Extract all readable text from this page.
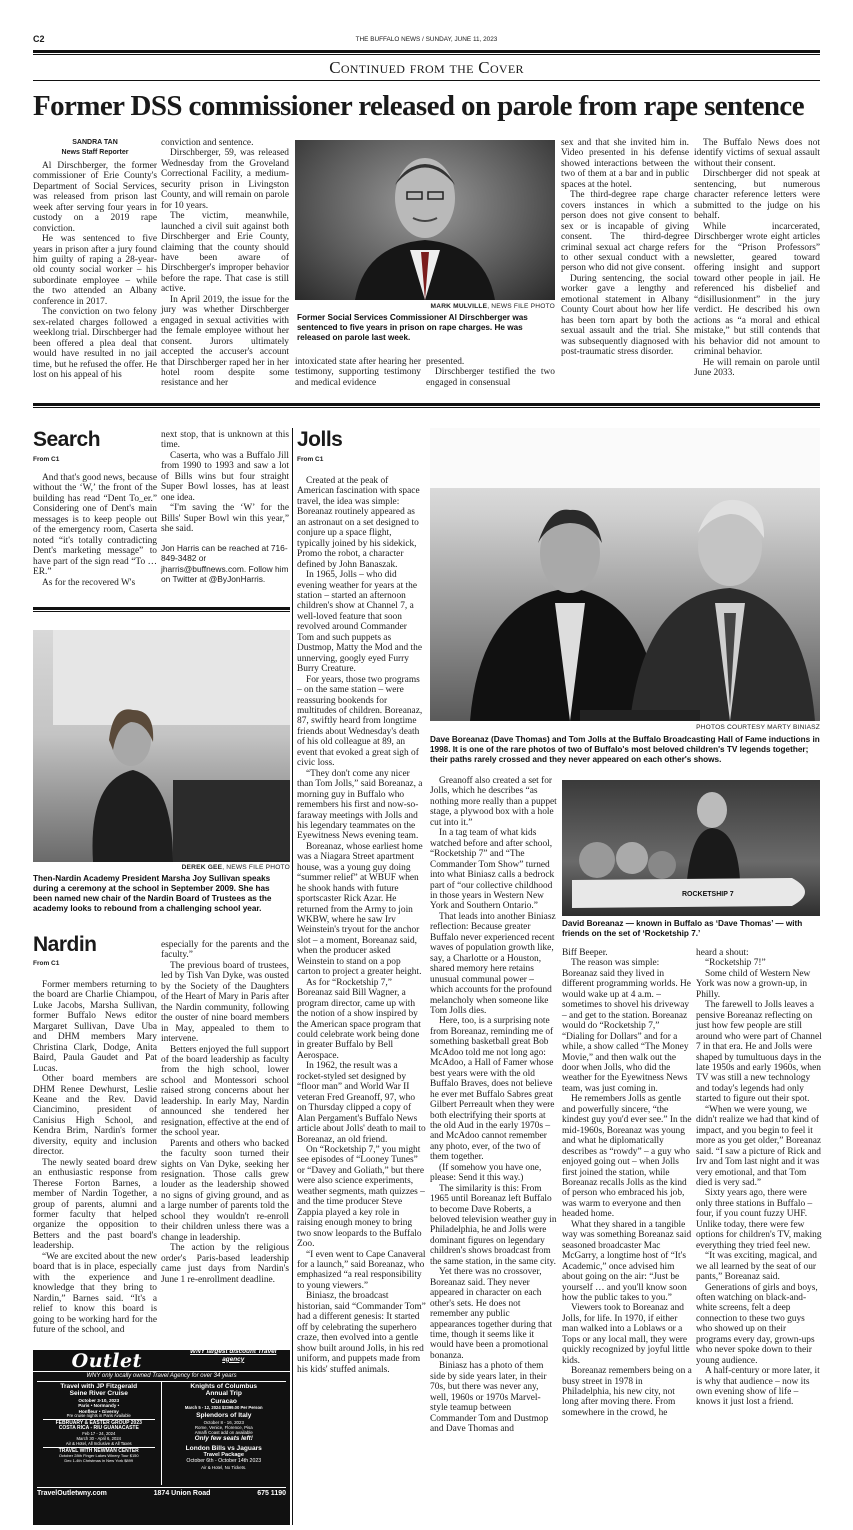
C2	THE BUFFALO NEWS / SUNDAY, JUNE 11, 2023
Continued from the Cover
Former DSS commissioner released on parole from rape sentence
SANDRA TAN
News Staff Reporter

Al Dirschberger, the former commissioner of Erie County's Department of Social Services, was released from prison last week after serving four years in custody on a 2019 rape conviction.

He was sentenced to five years in prison after a jury found him guilty of raping a 28-year-old county social worker – his subordinate employee – while the two attended an Albany conference in 2017.

The conviction on two felony sex-related charges followed a weeklong trial. Dirschberger had been offered a plea deal that would have resulted in no jail time, but he refused the offer. He lost on his appeal of his

conviction and sentence.

Dirschberger, 59, was released Wednesday from the Groveland Correctional Facility, a medium-security prison in Livingston County, and will remain on parole for 10 years.

The victim, meanwhile, launched a civil suit against both Dirschberger and Erie County, claiming that the county should have been aware of Dirschberger's improper behavior before the rape. That case is still active.

In April 2019, the issue for the jury was whether Dirschberger engaged in sexual activities with the female employee without her consent. Jurors ultimately accepted the accuser's account that Dirschberger raped her in her hotel room despite some resistance and her

MARK MULVILLE, NEWS FILE PHOTO
Former Social Services Commissioner Al Dirschberger was sentenced to five years in prison on rape charges. He was released on parole last week.

intoxicated state after hearing her testimony, supporting testimony and medical evidence

presented.

Dirschberger testified the two engaged in consensual

sex and that she invited him in. Video presented in his defense showed interactions between the two of them at a bar and in public spaces at the hotel.

The third-degree rape charge covers instances in which a person does not give consent to sex or is incapable of giving consent. The third-degree criminal sexual act charge refers to other sexual conduct with a person who did not give consent.

During sentencing, the social worker gave a lengthy and emotional statement in Albany County Court about how her life has been torn apart by both the sexual assault and the trial. She was subsequently diagnosed with post-traumatic stress disorder.

The Buffalo News does not identify victims of sexual assault without their consent.

Dirschberger did not speak at sentencing, but numerous character reference letters were submitted to the judge on his behalf.

While incarcerated, Dirschberger wrote eight articles for the “Prison Professors” newsletter, geared toward offering insight and support toward other people in jail. He referenced his disbelief and “disillusionment” in the jury verdict. He described his own actions as “a moral and ethical mistake,” but still contends that his behavior did not amount to criminal behavior.

He will remain on parole until June 2033.

Search
From C1

And that's good news, because without the ‘W,’ the front of the building has read “Dent To_er.” Considering one of Dent's main messages is to keep people out of the emergency room, Caserta noted “it's totally contradicting Dent's marketing message” to have part of the sign read “To … ER.”

As for the recovered W's

next stop, that is unknown at this time.

Caserta, who was a Buffalo Jill from 1990 to 1993 and saw a lot of Bills wins but four straight Super Bowl losses, has at least one idea.

“I'm saving the ‘W’ for the Bills' Super Bowl win this year,” she said.

Jon Harris can be reached at 716-849-3482 or jharris@buffnews.com. Follow him on Twitter at @ByJonHarris.
DEREK GEE, NEWS FILE PHOTO
Then-Nardin Academy President Marsha Joy Sullivan speaks during a ceremony at the school in September 2009. She has been named new chair of the Nardin Board of Trustees as the academy looks to rebound from a challenging school year.
Nardin
From C1

Former members returning to the board are Charlie Chiampou, Luke Jacobs, Marsha Sullivan, former Buffalo News editor Margaret Sullivan, Dave Uba and DHM members Mary Christina Clark, Dodge, Anita Baird, Paula Gaudet and Pat Lucas.

Other board members are DHM Renee Dewhurst, Leslie Keane and the Rev. David Ciancimino, president of Canisius High School, and Kendra Brim, Nardin's former diversity, equity and inclusion director.

The newly seated board drew an enthusiastic response from Therese Forton Barnes, a member of Nardin Together, a group of parents, alumni and former faculty that helped organize the opposition to Betters and the past board's leadership.

“We are excited about the new board that is in place, especially with the experience and knowledge that they bring to Nardin,” Barnes said. “It's a relief to know this board is going to be working hard for the future of the school, and

especially for the parents and the faculty.”

The previous board of trustees, led by Tish Van Dyke, was ousted by the Society of the Daughters of the Heart of Mary in Paris after the Nardin community, following the ouster of nine board members in May, appealed to them to intervene.

Betters enjoyed the full support of the board leadership as faculty from the high school, lower school and Montessori school raised strong concerns about her leadership. In early May, Nardin announced she tendered her resignation, effective at the end of the school year.

Parents and others who backed the faculty soon turned their sights on Van Dyke, seeking her resignation. Those calls grew louder as the leadership showed no signs of giving ground, and as a large number of parents told the school they wouldn't re-enroll their children unless there was a change in leadership.

The action by the religious order's Paris-based leadership came just days from Nardin's June 1 re-enrollment deadline.

Travel Outlet	WNY largest discount Travel agency
WNY only locally owned Travel Agency for over 34 years
Travel with JP Fitzgerald
Seine River Cruise
October 3-10, 2023
Paris • Normandy •
Honfleur • Giverny
Pre cruise nights in Paris Available
FEBRUARY & EASTER GROUP 2023
COSTA RICA - RIU GUANACASTE
Feb 17 - 24, 2024
March 30 - April 6, 2024
Air & Hotel, All Inclusive & All Taxes
TRAVEL WITH NEWMAN CENTER
October 28th Finger Lakes Winery Tour $150
Dec 1-4th Christmas in New York $899
Knights of Columbus
Annual Trip
Curacao
March 5 - 12, 2024 $2399.00 Per Person
Splendors of Italy
October 8 - 16, 2023
Rome, Venice, Florence, Pisa
Amalfi Coast add on available
Only few seats left!
London Bills vs Jaguars
Travel Package
October 6th - October 14th 2023
Air & Hotel, No Tickets.
TravelOutletwny.com	1874 Union Road	675 1190
Jolls
From C1

Created at the peak of American fascination with space travel, the idea was simple: Boreanaz routinely appeared as an astronaut on a set designed to conjure up a space flight, typically joined by his sidekick, Promo the robot, a character defined by John Banaszak.

In 1965, Jolls – who did evening weather for years at the station – started an afternoon children's show at Channel 7, a well-loved feature that soon revolved around Commander Tom and such puppets as Dustmop, Matty the Mod and the unnerving, googly eyed Furry Burry Creature.

For years, those two programs – on the same station – were reassuring bookends for multitudes of children. Boreanaz, 87, swiftly heard from longtime friends about Wednesday's death of his old colleague at 89, an event that evoked a great sigh of civic loss.

“They don't come any nicer than Tom Jolls,” said Boreanaz, a morning guy in Buffalo who remembers his first and now-so-faraway meetings with Jolls and his legendary teammates on the Eyewitness News evening team.

Boreanaz, whose earliest home was a Niagara Street apartment house, was a young guy doing “summer relief” at WBUF when he shook hands with future sportscaster Rick Azar. He returned from the Army to join WKBW, where he saw Irv Weinstein's tryout for the anchor slot – a moment, Boreanaz said, when the producer asked Weinstein to stand on a pop carton to project a greater height.

As for “Rocketship 7,” Boreanaz said Bill Wagner, a program director, came up with the notion of a show inspired by the American space program that could celebrate work being done in greater Buffalo by Bell Aerospace.

In 1962, the result was a rocket-styled set designed by “floor man” and World War II veteran Fred Greanoff, 97, who on Thursday clipped a copy of Alan Pergament's Buffalo News article about Jolls' death to mail to Boreanaz, an old friend.

On “Rocketship 7,” you might see episodes of “Looney Tunes” or “Davey and Goliath,” but there were also science experiments, weather segments, math quizzes – and the time producer Steve Zappia played a key role in raising enough money to bring two snow leopards to the Buffalo Zoo.

“I even went to Cape Canaveral for a launch,” said Boreanaz, who emphasized “a real responsibility to young viewers.”

Biniasz, the broadcast historian, said “Commander Tom” had a different genesis: It started off by celebrating the superhero craze, then evolved into a gentle show built around Jolls, in his red uniform, and puppets made from his kids' stuffed animals.

PHOTOS COURTESY MARTY BINIASZ
Dave Boreanaz (Dave Thomas) and Tom Jolls at the Buffalo Broadcasting Hall of Fame inductions in 1998. It is one of the rare photos of two of Buffalo's most beloved children's TV legends together; their paths rarely crossed and they never appeared on each other's shows.

Greanoff also created a set for Jolls, which he describes “as nothing more really than a puppet stage, a plywood box with a hole cut into it.”

In a tag team of what kids watched before and after school, “Rocketship 7” and “The Commander Tom Show” turned into what Biniasz calls a bedrock part of “our collective childhood in those years in Western New York and Southern Ontario.”

That leads into another Biniasz reflection: Because greater Buffalo never experienced recent waves of population growth like, say, a Charlotte or a Houston, shared memory here retains unusual communal power – which accounts for the profound melancholy when someone like Tom Jolls dies.

Here, too, is a surprising note from Boreanaz, reminding me of something basketball great Bob McAdoo told me not long ago: McAdoo, a Hall of Famer whose best years were with the old Buffalo Braves, does not believe he ever met Buffalo Sabres great Gilbert Perreault when they were both electrifying their sports at the old Aud in the early 1970s – and McAdoo cannot remember any photo, ever, of the two of them together.

(If somehow you have one, please: Send it this way.)

The similarity is this: From 1965 until Boreanaz left Buffalo to become Dave Roberts, a beloved television weather guy in Philadelphia, he and Jolls were dominant figures on legendary children's shows broadcast from the same station, in the same city.

Yet there was no crossover, Boreanaz said. They never appeared in character on each other's sets. He does not remember any public appearances together during that time, though it seems like it would have been a promotional bonanza.

Biniasz has a photo of them side by side years later, in their 70s, but there was never any, well, 1960s or 1970s Marvel-style teamup between Commander Tom and Dustmop and Dave Thomas and

ROCKETSHIP 7
David Boreanaz — known in Buffalo as ‘Dave Thomas’ — with friends on the set of ‘Rocketship 7.’

Biff Beeper.

The reason was simple: Boreanaz said they lived in different programming worlds. He would wake up at 4 a.m. – sometimes to shovel his driveway – and get to the station. Boreanaz would do “Rocketship 7,” “Dialing for Dollars” and for a while, a show called “The Money Movie,” and then walk out the door when Jolls, who did the weather for the Eyewitness News team, was just coming in.

He remembers Jolls as gentle and powerfully sincere, “the kindest guy you'd ever see.” In the mid-1960s, Boreanaz was young and what he diplomatically describes as “rowdy” – a guy who enjoyed going out – when Jolls first joined the station, while Boreanaz recalls Jolls as the kind of person who embraced his job, was warm to everyone and then headed home.

What they shared in a tangible way was something Boreanaz said seasoned broadcaster Mac McGarry, a longtime host of “It's Academic,” once advised him about going on the air: “Just be yourself … and you'll know soon how the public takes to you.”

Viewers took to Boreanaz and Jolls, for life. In 1970, if either man walked into a Loblaws or a Tops or any local mall, they were quickly recognized by joyful little kids.

Boreanaz remembers being on a busy street in 1978 in Philadelphia, his new city, not long after moving there. From somewhere in the crowd, he

heard a shout:

“Rocketship 7!”

Some child of Western New York was now a grown-up, in Philly.

The farewell to Jolls leaves a pensive Boreanaz reflecting on just how few people are still around who were part of Channel 7 in that era. He and Jolls were shaped by tumultuous days in the late 1950s and early 1960s, when TV was still a new technology and today's legends had only started to figure out their spot.

“When we were young, we didn't realize we had that kind of impact, and you begin to feel it more as you get older,” Boreanaz said. “I saw a picture of Rick and Irv and Tom last night and it was very emotional, and that Tom died is very sad.”

Sixty years ago, there were only three stations in Buffalo – four, if you count fuzzy UHF. Unlike today, there were few options for children's TV, making everything they tried feel new.

“It was exciting, magical, and we all learned by the seat of our pants,” Boreanaz said.

Generations of girls and boys, often watching on black-and-white screens, felt a deep connection to these two guys who showed up on their programs every day, grown-ups who never spoke down to their young audience.

A half-century or more later, it is why that audience – now its own evening show of life – knows it just lost a friend.
